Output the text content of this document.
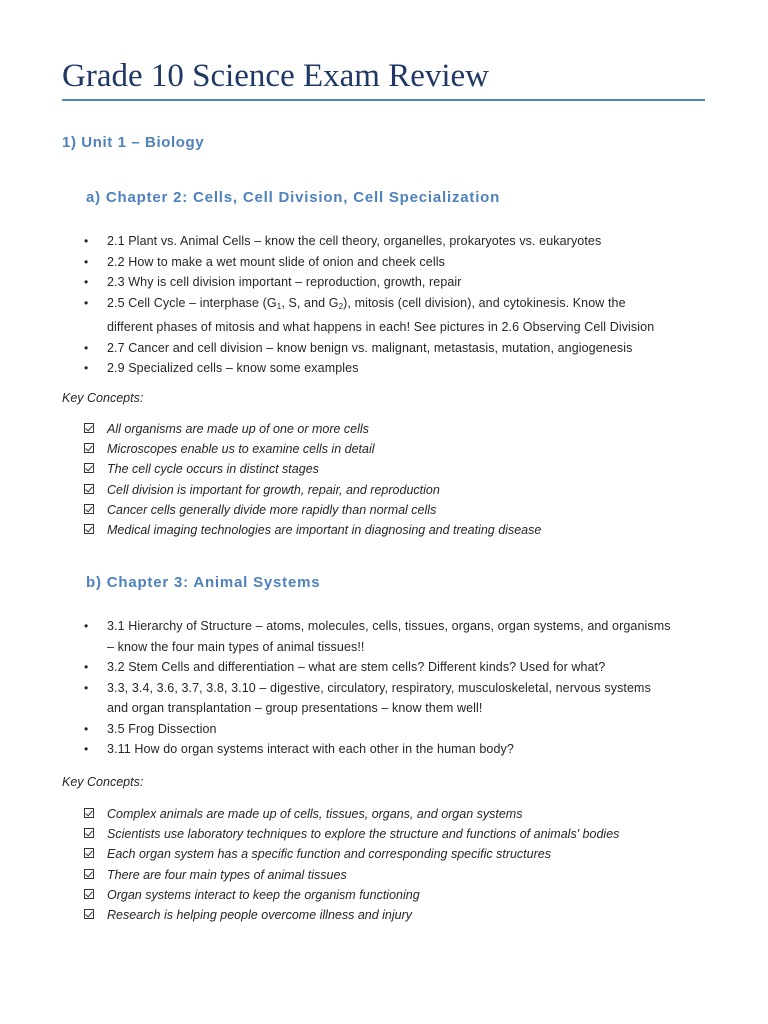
Grade 10 Science Exam Review
1) Unit 1 – Biology
a) Chapter 2: Cells, Cell Division, Cell Specialization
• 2.1 Plant vs. Animal Cells – know the cell theory, organelles, prokaryotes vs. eukaryotes
• 2.2 How to make a wet mount slide of onion and cheek cells
• 2.3 Why is cell division important – reproduction, growth, repair
• 2.5 Cell Cycle – interphase ($G_1$, S, and $G_2$), mitosis (cell division), and cytokinesis. Know the different phases of mitosis and what happens in each! See pictures in 2.6 Observing Cell Division
• 2.7 Cancer and cell division – know benign vs. malignant, metastasis, mutation, angiogenesis
• 2.9 Specialized cells – know some examples
Key Concepts:
All organisms are made up of one or more cells
Microscopes enable us to examine cells in detail
The cell cycle occurs in distinct stages
Cell division is important for growth, repair, and reproduction
Cancer cells generally divide more rapidly than normal cells
Medical imaging technologies are important in diagnosing and treating disease
b) Chapter 3: Animal Systems
• 3.1 Hierarchy of Structure – atoms, molecules, cells, tissues, organs, organ systems, and organisms – know the four main types of animal tissues!!
• 3.2 Stem Cells and differentiation – what are stem cells? Different kinds? Used for what?
• 3.3, 3.4, 3.6, 3.7, 3.8, 3.10 – digestive, circulatory, respiratory, musculoskeletal, nervous systems and organ transplantation – group presentations – know them well!
• 3.5 Frog Dissection
• 3.11 How do organ systems interact with each other in the human body?
Key Concepts:
Complex animals are made up of cells, tissues, organs, and organ systems
Scientists use laboratory techniques to explore the structure and functions of animals' bodies
Each organ system has a specific function and corresponding specific structures
There are four main types of animal tissues
Organ systems interact to keep the organism functioning
Research is helping people overcome illness and injury
